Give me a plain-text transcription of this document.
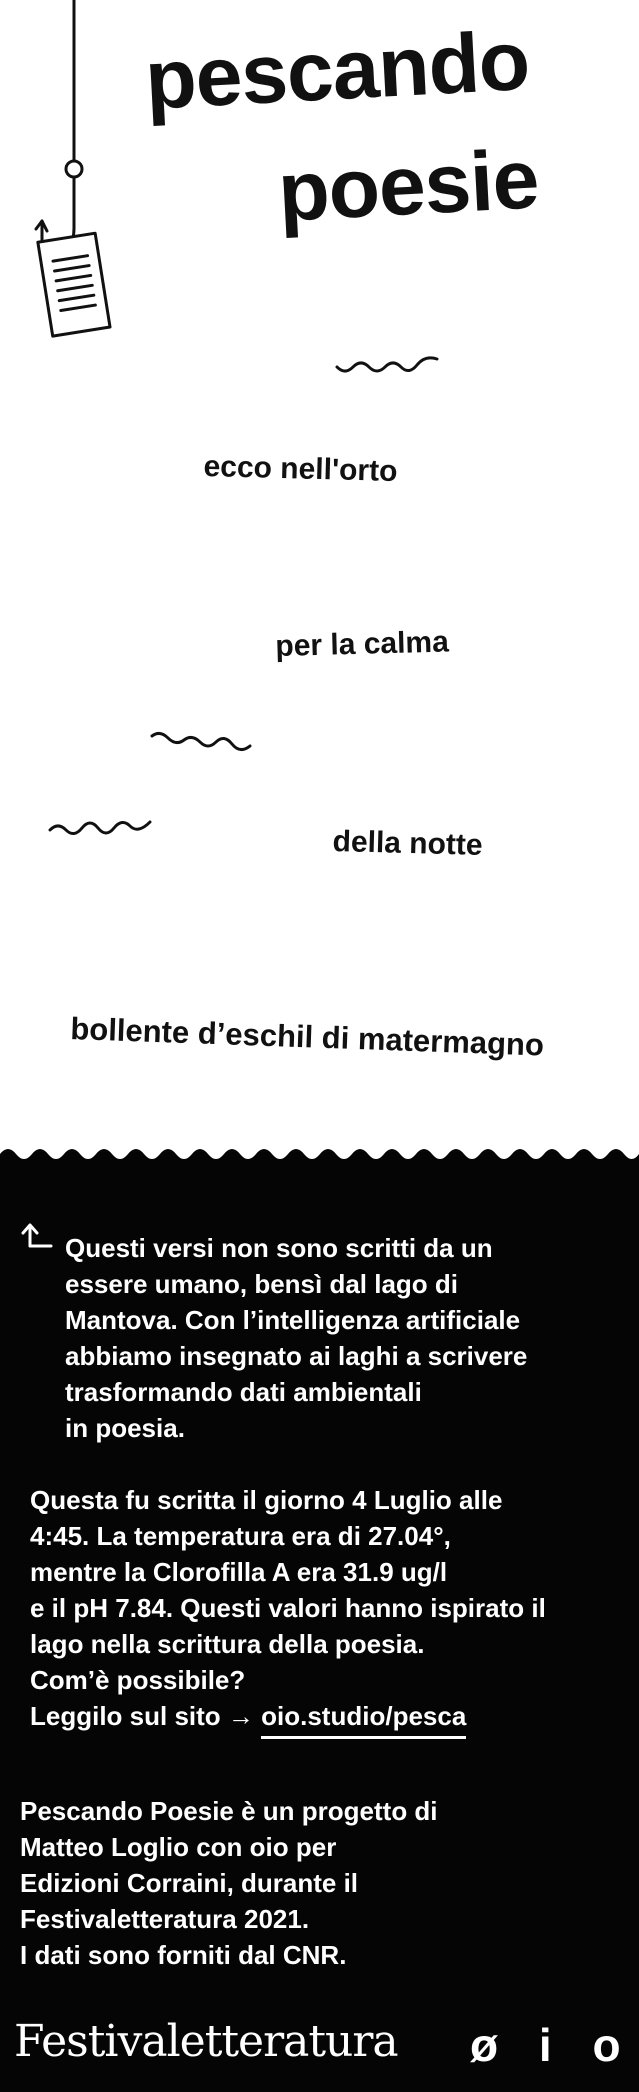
pescando
poesie
ecco nell'orto
per la calma
della notte
bollente d’eschil di matermagno
Questi versi non sono scritti da un
essere umano, bensì dal lago di
Mantova. Con l’intelligenza artificiale
abbiamo insegnato ai laghi a scrivere
trasformando dati ambientali
in poesia.
Questa fu scritta il giorno 4 Luglio alle
4:45. La temperatura era di 27.04°,
mentre la Clorofilla A era 31.9 ug/l
e il pH 7.84. Questi valori hanno ispirato il
lago nella scrittura della poesia.
Com’è possibile?
Leggilo sul sito → oio.studio/pesca
Pescando Poesie è un progetto di
Matteo Loglio con oio per
Edizioni Corraini, durante il
Festivaletteratura 2021.
I dati sono forniti dal CNR.
Festivaletteratura ø i o
